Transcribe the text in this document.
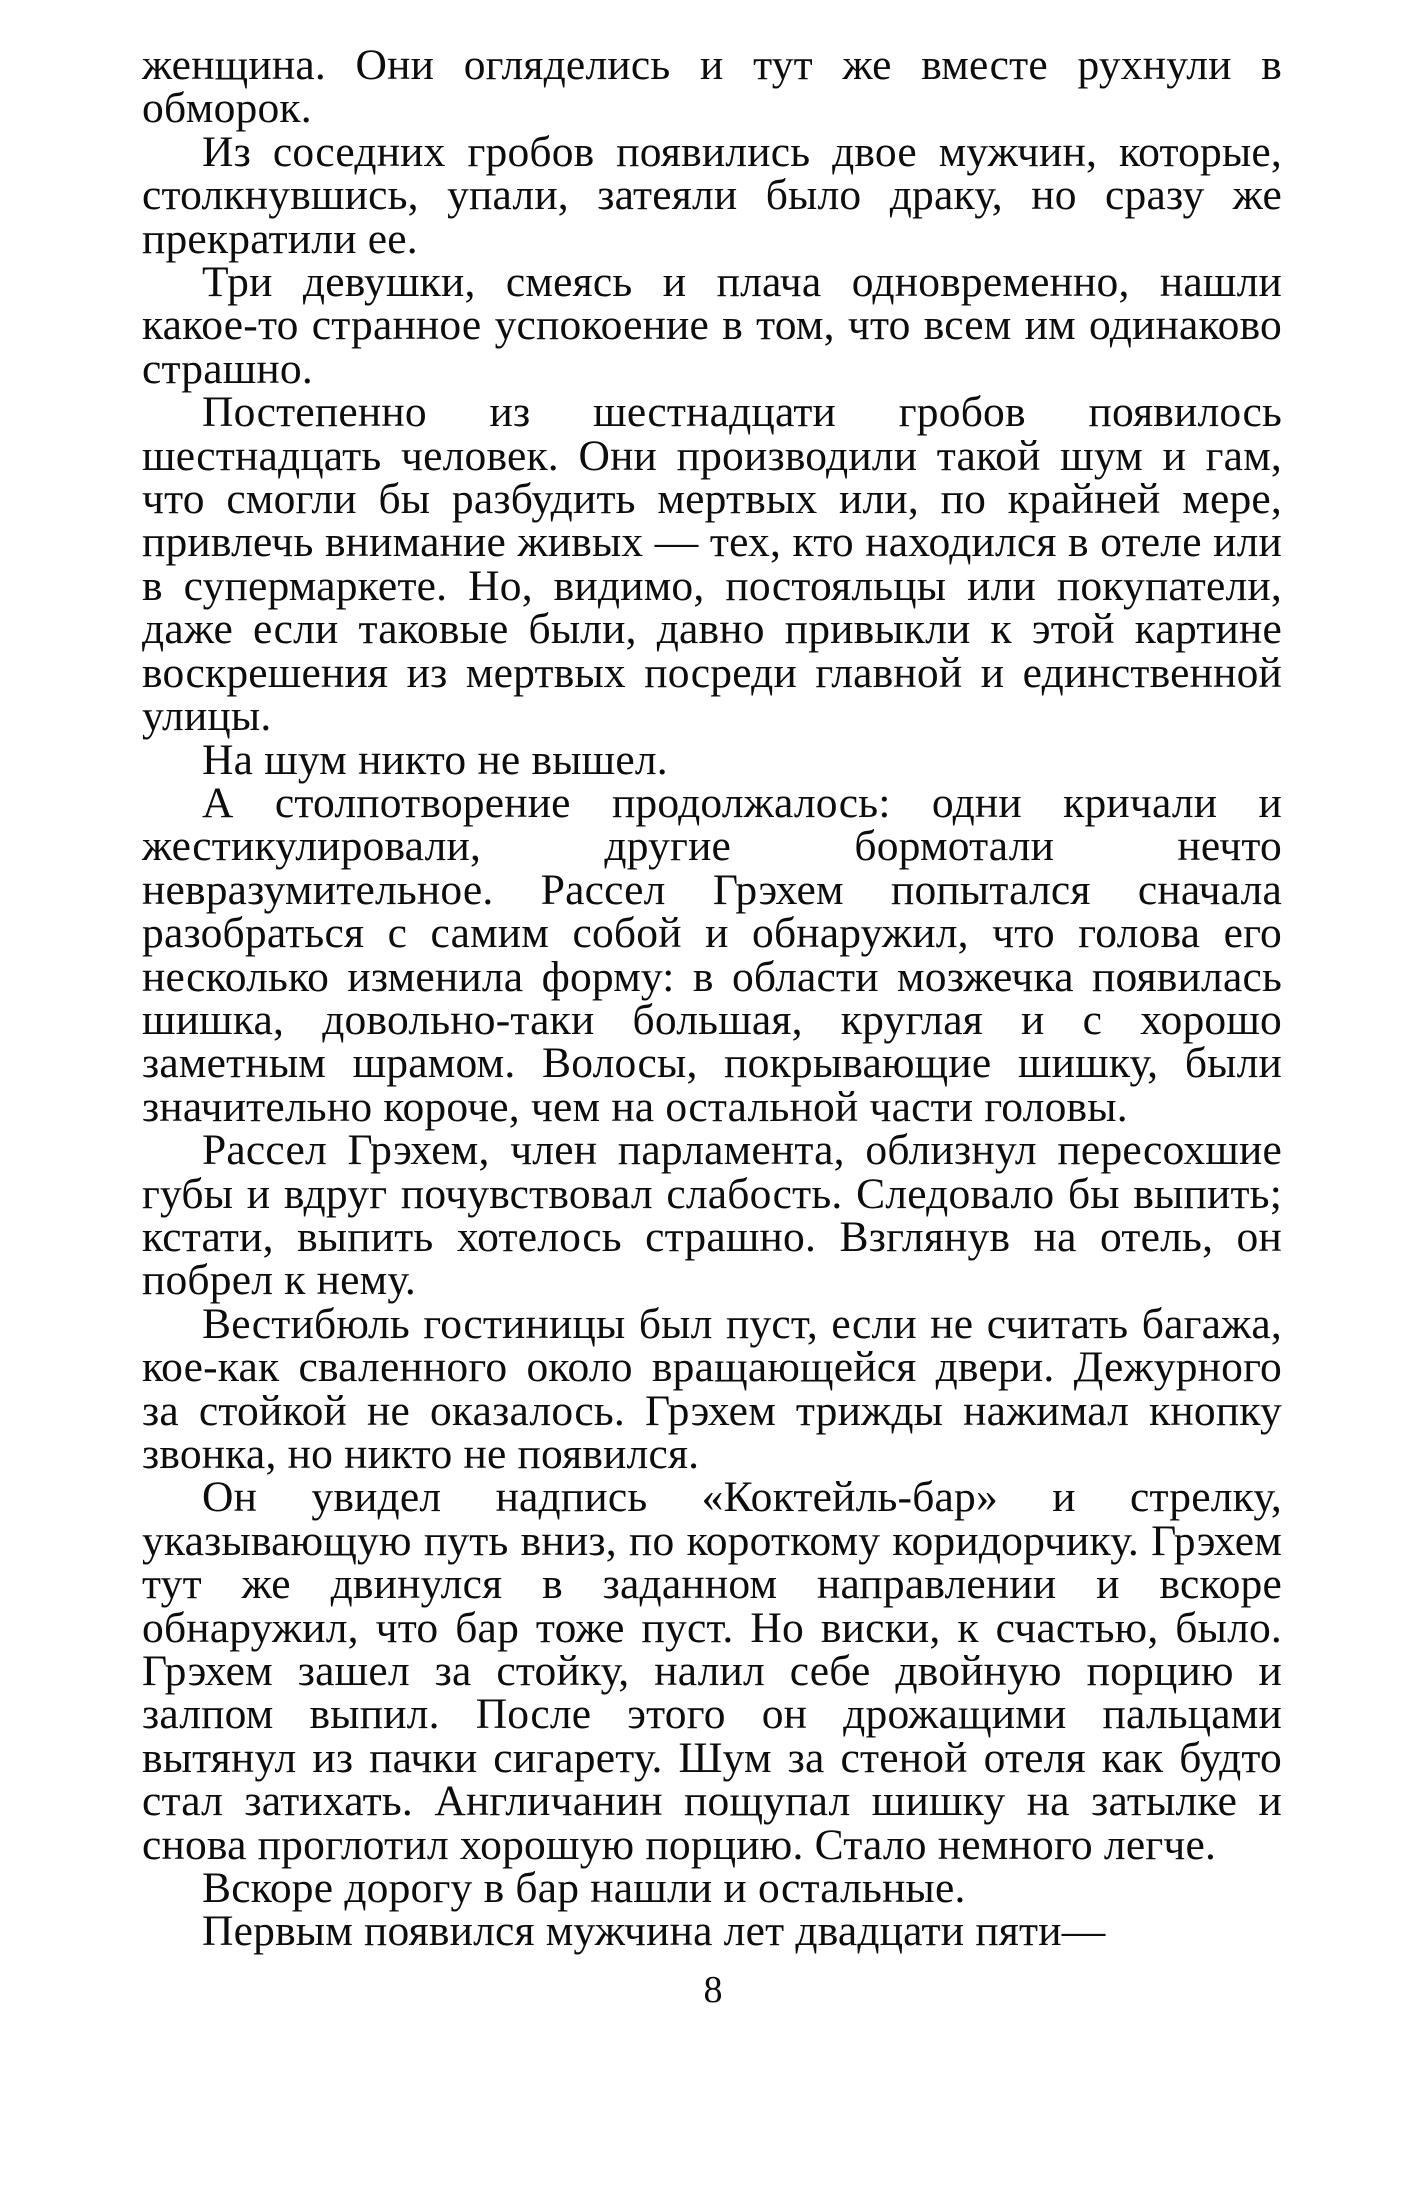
женщина. Они огляделись и тут же вместе рухнули в обморок.

Из соседних гробов появились двое мужчин, которые, столкнувшись, упали, затеяли было драку, но сразу же прекратили ее.

Три девушки, смеясь и плача одновременно, нашли какое-то странное успокоение в том, что всем им одинаково страшно.

Постепенно из шестнадцати гробов появилось шестнадцать человек. Они производили такой шум и гам, что смогли бы разбудить мертвых или, по крайней мере, привлечь внимание живых — тех, кто находился в отеле или в супермаркете. Но, видимо, постояльцы или покупатели, даже если таковые были, давно привыкли к этой картине воскрешения из мертвых посреди главной и единственной улицы.

На шум никто не вышел.

А столпотворение продолжалось: одни кричали и жестикулировали, другие бормотали нечто невразумительное. Рассел Грэхем попытался сначала разобраться с самим собой и обнаружил, что голова его несколько изменила форму: в области мозжечка появилась шишка, довольно-таки большая, круглая и с хорошо заметным шрамом. Волосы, покрывающие шишку, были значительно короче, чем на остальной части головы.

Рассел Грэхем, член парламента, облизнул пересохшие губы и вдруг почувствовал слабость. Следовало бы выпить; кстати, выпить хотелось страшно. Взглянув на отель, он побрел к нему.

Вестибюль гостиницы был пуст, если не считать багажа, кое-как сваленного около вращающейся двери. Дежурного за стойкой не оказалось. Грэхем трижды нажимал кнопку звонка, но никто не появился.

Он увидел надпись «Коктейль-бар» и стрелку, указывающую путь вниз, по короткому коридорчику. Грэхем тут же двинулся в заданном направлении и вскоре обнаружил, что бар тоже пуст. Но виски, к счастью, было. Грэхем зашел за стойку, налил себе двойную порцию и залпом выпил. После этого он дрожащими пальцами вытянул из пачки сигарету. Шум за стеной отеля как будто стал затихать. Англичанин пощупал шишку на затылке и снова проглотил хорошую порцию. Стало немного легче.

Вскоре дорогу в бар нашли и остальные.

Первым появился мужчина лет двадцати пяти—

8
